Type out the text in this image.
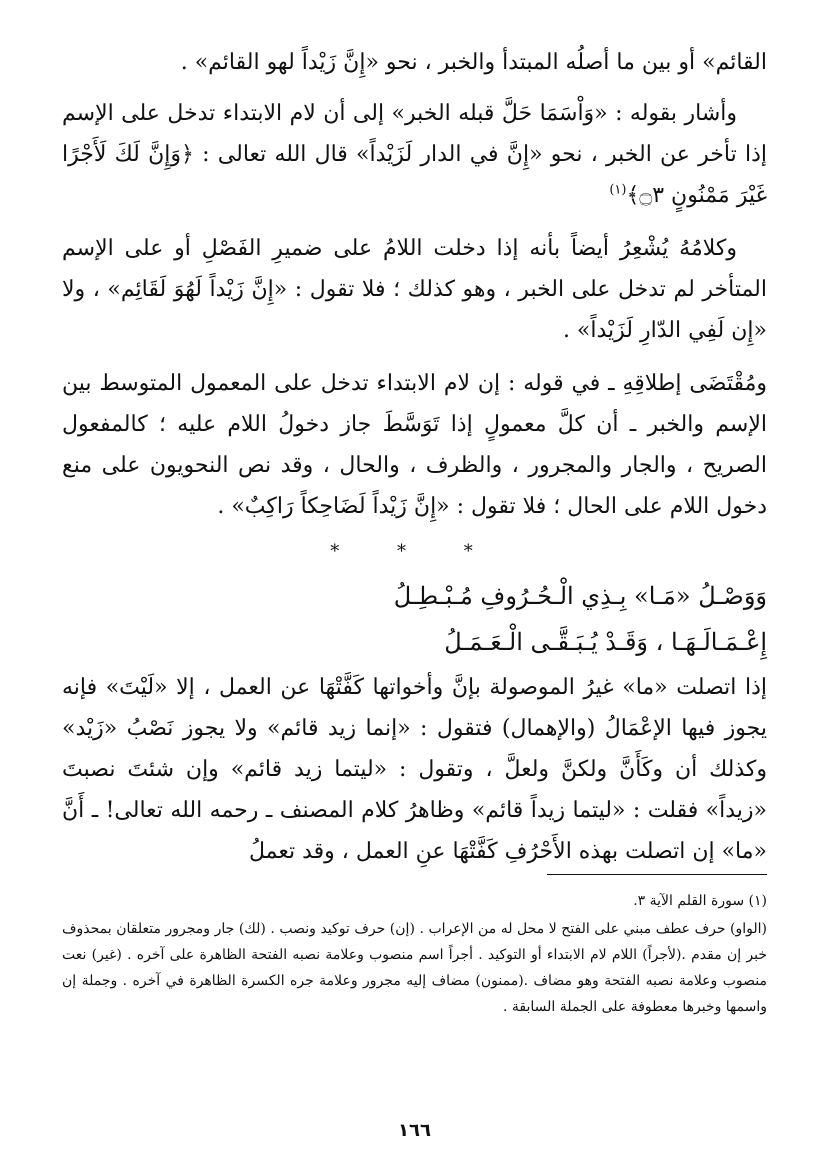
القائم» أو بين ما أصلُه المبتدأ والخبر ، نحو «إِنَّ زَيْداً لهو القائم» .

وأشار بقوله : «وَاْسَمَا حَلَّ قبله الخبر» إلى أن لام الابتداء تدخل على الإسم إذا تأخر عن الخبر ، نحو «إِنَّ في الدار لَزَيْداً» قال الله تعالى : ﴿وَإِنَّ لَكَ لَأَجْرًا غَيْرَ مَمْنُونٍ ۝٣﴾$^{(١)}$

وكلامُهُ يُشْعِرُ أيضاً بأنه إذا دخلت اللامُ على ضميرِ الفَصْلِ أو على الإسم المتأخر لم تدخل على الخبر ، وهو كذلك ؛ فلا تقول : «إِنَّ زَيْداً لَهُوَ لَقَائِم» ، ولا «إِن لَفِي الدّارِ لَزَيْداً» .

ومُقْتَضَى إطلاقِهِ ـ في قوله : إن لام الابتداء تدخل على المعمول المتوسط بين الإسم والخبر ـ أن كلَّ معمولٍ إذا تَوَسَّطَ جاز دخولُ اللام عليه ؛ كالمفعول الصريح ، والجار والمجرور ، والظرف ، والحال ، وقد نص النحويون على منع دخول اللام على الحال ؛ فلا تقول : «إِنَّ زَيْداً لَضَاحِكاً رَاكِبٌ» .

* * *

وَوَصْـلُ «مَـا» بِـذِي الْـحُـرُوفِ مُـبْـطِـلُ

إِعْـمَـالَـهَـا ، وَقَـدْ يُـبَـقَّـى الْـعَـمَـلُ

إذا اتصلت «ما» غيرُ الموصولة بإنَّ وأخواتها كَفَّتْهَا عن العمل ، إلا «لَيْتَ» فإنه يجوز فيها الإعْمَالُ (والإهمال) فتقول : «إنما زيد قائم» ولا يجوز نَصْبُ «زَيْد» وكذلك أن وكَأَنَّ ولكنَّ ولعلَّ ، وتقول : «ليتما زيد قائم» وإن شئتَ نصبتَ «زيداً» فقلت : «ليتما زيداً قائم» وظاهرُ كلام المصنف ـ رحمه الله تعالى! ـ أَنَّ «ما» إن اتصلت بهذه الأَحْرُفِ كَفَّتْهَا عنِ العمل ، وقد تعملُ

(١) سورة القلم الآية ٣.

(الواو) حرف عطف مبني على الفتح لا محل له من الإعراب . (إن) حرف توكيد ونصب . (لك) جار ومجرور متعلقان بمحذوف خبر إن مقدم .(لأجراً) اللام لام الابتداء أو التوكيد . أجراً اسم منصوب وعلامة نصبه الفتحة الظاهرة على آخره . (غير) نعت منصوب وعلامة نصبه الفتحة وهو مضاف .(ممنون) مضاف إليه مجرور وعلامة جره الكسرة الظاهرة في آخره . وجملة إن واسمها وخبرها معطوفة على الجملة السابقة .

١٦٦
